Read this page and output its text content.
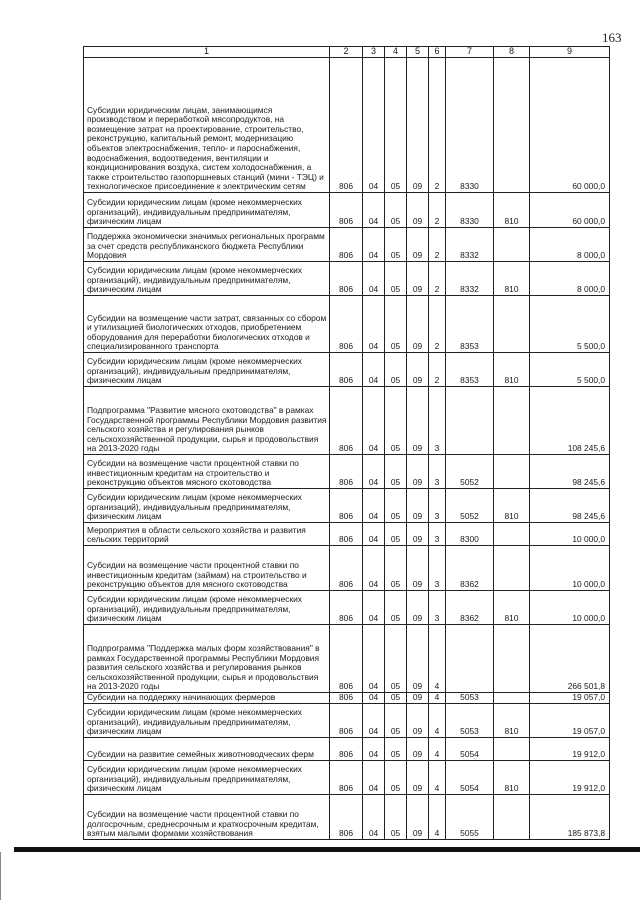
163
1	2	3	4	5	6	7	8	9
Субсидии юридическим лицам, занимающимся производством и переработкой мясопродуктов, на возмещение затрат на проектирование, строительство, реконструкцию, капитальный ремонт, модернизацию объектов электроснабжения, тепло- и пароснабжения, водоснабжения, водоотведения, вентиляции и кондиционирования воздуха, систем холодоснабжения, а также строительство газопоршневых станций (мини - ТЭЦ) и технологическое присоединение к электрическим сетям	806	04	05	09	2	8330		60 000,0
Субсидии юридическим лицам (кроме некоммерческих организаций), индивидуальным предпринимателям, физическим лицам	806	04	05	09	2	8330	810	60 000,0
Поддержка экономически значимых региональных программ за счет средств республиканского бюджета Республики Мордовия	806	04	05	09	2	8332		8 000,0
Субсидии юридическим лицам (кроме некоммерческих организаций), индивидуальным предпринимателям, физическим лицам	806	04	05	09	2	8332	810	8 000,0
Субсидии на возмещение части затрат, связанных со сбором и утилизацией биологических отходов, приобретением оборудования для переработки биологических отходов и специализированного транспорта	806	04	05	09	2	8353		5 500,0
Субсидии юридическим лицам (кроме некоммерческих организаций), индивидуальным предпринимателям, физическим лицам	806	04	05	09	2	8353	810	5 500,0
Подпрограмма "Развитие мясного скотоводства" в рамках Государственной программы Республики Мордовия развития сельского хозяйства и регулирования рынков сельскохозяйственной продукции, сырья и продовольствия на 2013-2020 годы	806	04	05	09	3			108 245,6
Субсидии на возмещение части процентной ставки по инвестиционным кредитам на строительство и реконструкцию объектов мясного скотоводства	806	04	05	09	3	5052		98 245,6
Субсидии юридическим лицам (кроме некоммерческих организаций), индивидуальным предпринимателям, физическим лицам	806	04	05	09	3	5052	810	98 245,6
Мероприятия в области сельского хозяйства и развития сельских территорий	806	04	05	09	3	8300		10 000,0
Субсидии на возмещение части процентной ставки по инвестиционным кредитам (займам) на строительство и реконструкцию объектов для мясного скотоводства	806	04	05	09	3	8362		10 000,0
Субсидии юридическим лицам (кроме некоммерческих организаций), индивидуальным предпринимателям, физическим лицам	806	04	05	09	3	8362	810	10 000,0
Подпрограмма "Поддержка малых форм хозяйствования" в рамках Государственной программы Республики Мордовия развития сельского хозяйства и регулирования рынков сельскохозяйственной продукции, сырья и продовольствия на 2013-2020 годы	806	04	05	09	4			266 501,8
Субсидии на поддержку начинающих фермеров	806	04	05	09	4	5053		19 057,0
Субсидии юридическим лицам (кроме некоммерческих организаций), индивидуальным предпринимателям, физическим лицам	806	04	05	09	4	5053	810	19 057,0
Субсидии на развитие семейных животноводческих ферм	806	04	05	09	4	5054		19 912,0
Субсидии юридическим лицам (кроме некоммерческих организаций), индивидуальным предпринимателям, физическим лицам	806	04	05	09	4	5054	810	19 912,0
Субсидии на возмещение части процентной ставки по долгосрочным, среднесрочным и краткосрочным кредитам, взятым малыми формами хозяйствования	806	04	05	09	4	5055		185 873,8
